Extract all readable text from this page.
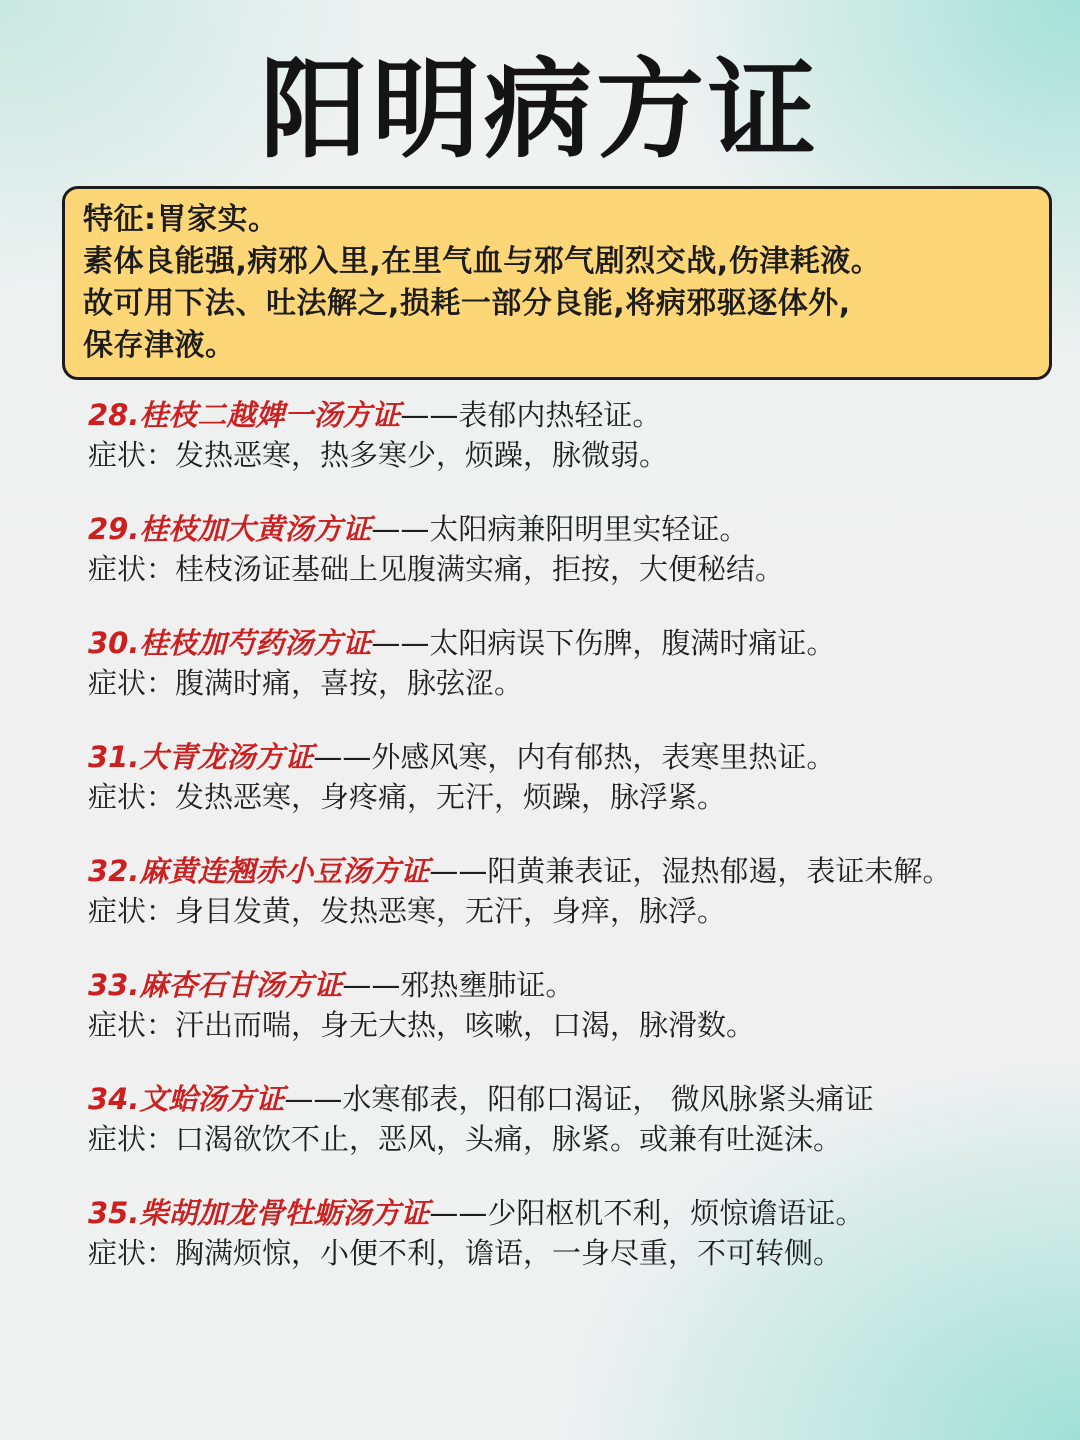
阳明病方证
特征:胃家实。
素体良能强,病邪入里,在里气血与邪气剧烈交战,伤津耗液。
故可用下法、吐法解之,损耗一部分良能,将病邪驱逐体外,
保存津液。
28.桂枝二越婢一汤方证——表郁内热轻证。
症状：发热恶寒，热多寒少，烦躁，脉微弱。
29.桂枝加大黄汤方证——太阳病兼阳明里实轻证。
症状：桂枝汤证基础上见腹满实痛，拒按，大便秘结。
30.桂枝加芍药汤方证——太阳病误下伤脾，腹满时痛证。
症状：腹满时痛，喜按，脉弦涩。
31.大青龙汤方证——外感风寒，内有郁热，表寒里热证。
症状：发热恶寒，身疼痛，无汗，烦躁，脉浮紧。
32.麻黄连翘赤小豆汤方证——阳黄兼表证，湿热郁遏，表证未解。
症状：身目发黄，发热恶寒，无汗，身痒，脉浮。
33.麻杏石甘汤方证——邪热壅肺证。
症状：汗出而喘，身无大热，咳嗽，口渴，脉滑数。
34.文蛤汤方证——水寒郁表，阳郁口渴证， 微风脉紧头痛证
症状：口渴欲饮不止，恶风，头痛，脉紧。或兼有吐涎沫。
35.柴胡加龙骨牡蛎汤方证——少阳枢机不利，烦惊谵语证。
症状：胸满烦惊，小便不利，谵语，一身尽重，不可转侧。
